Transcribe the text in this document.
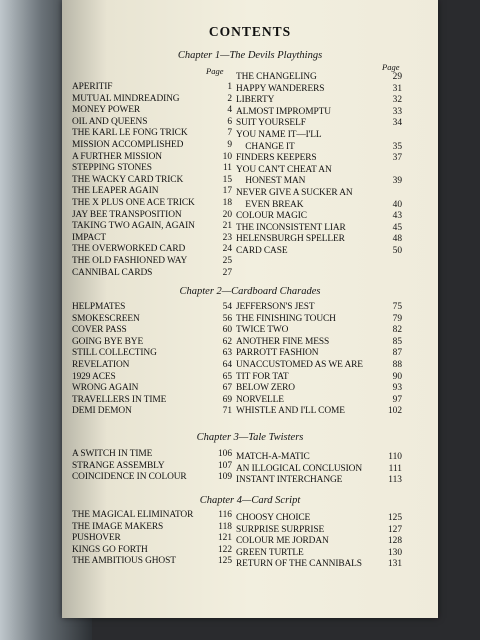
CONTENTS
Page	Page
Chapter 1—The Devils Playthings
APERITIF	1
MUTUAL MINDREADING	2
MONEY POWER	4
OIL AND QUEENS	6
THE KARL LE FONG TRICK	7
MISSION ACCOMPLISHED	9
A FURTHER MISSION	10
STEPPING STONES	11
THE WACKY CARD TRICK	15
THE LEAPER AGAIN	17
THE X PLUS ONE ACE TRICK	18
JAY BEE TRANSPOSITION	20
TAKING TWO AGAIN, AGAIN	21
IMPACT	23
THE OVERWORKED CARD	24
THE OLD FASHIONED WAY	25
CANNIBAL CARDS	27
THE CHANGELING	29
HAPPY WANDERERS	31
LIBERTY	32
ALMOST IMPROMPTU	33
SUIT YOURSELF	34
YOU NAME IT—I'LL
 CHANGE IT	35
FINDERS KEEPERS	37
YOU CAN'T CHEAT AN
 HONEST MAN	39
NEVER GIVE A SUCKER AN
 EVEN BREAK	40
COLOUR MAGIC	43
THE INCONSISTENT LIAR	45
HELENSBURGH SPELLER	48
CARD CASE	50
Chapter 2—Cardboard Charades
HELPMATES	54
SMOKESCREEN	56
COVER PASS	60
GOING BYE BYE	62
STILL COLLECTING	63
REVELATION	64
1929 ACES	65
WRONG AGAIN	67
TRAVELLERS IN TIME	69
DEMI DEMON	71
JEFFERSON'S JEST	75
THE FINISHING TOUCH	79
TWICE TWO	82
ANOTHER FINE MESS	85
PARROTT FASHION	87
UNACCUSTOMED AS WE ARE	88
TIT FOR TAT	90
BELOW ZERO	93
NORVELLE	97
WHISTLE AND I'LL COME	102
Chapter 3—Tale Twisters
A SWITCH IN TIME	106
STRANGE ASSEMBLY	107
COINCIDENCE IN COLOUR	109
MATCH-A-MATIC	110
AN ILLOGICAL CONCLUSION	111
INSTANT INTERCHANGE	113
Chapter 4—Card Script
THE MAGICAL ELIMINATOR	116
THE IMAGE MAKERS	118
PUSHOVER	121
KINGS GO FORTH	122
THE AMBITIOUS GHOST	125
CHOOSY CHOICE	125
SURPRISE SURPRISE	127
COLOUR ME JORDAN	128
GREEN TURTLE	130
RETURN OF THE CANNIBALS	131
